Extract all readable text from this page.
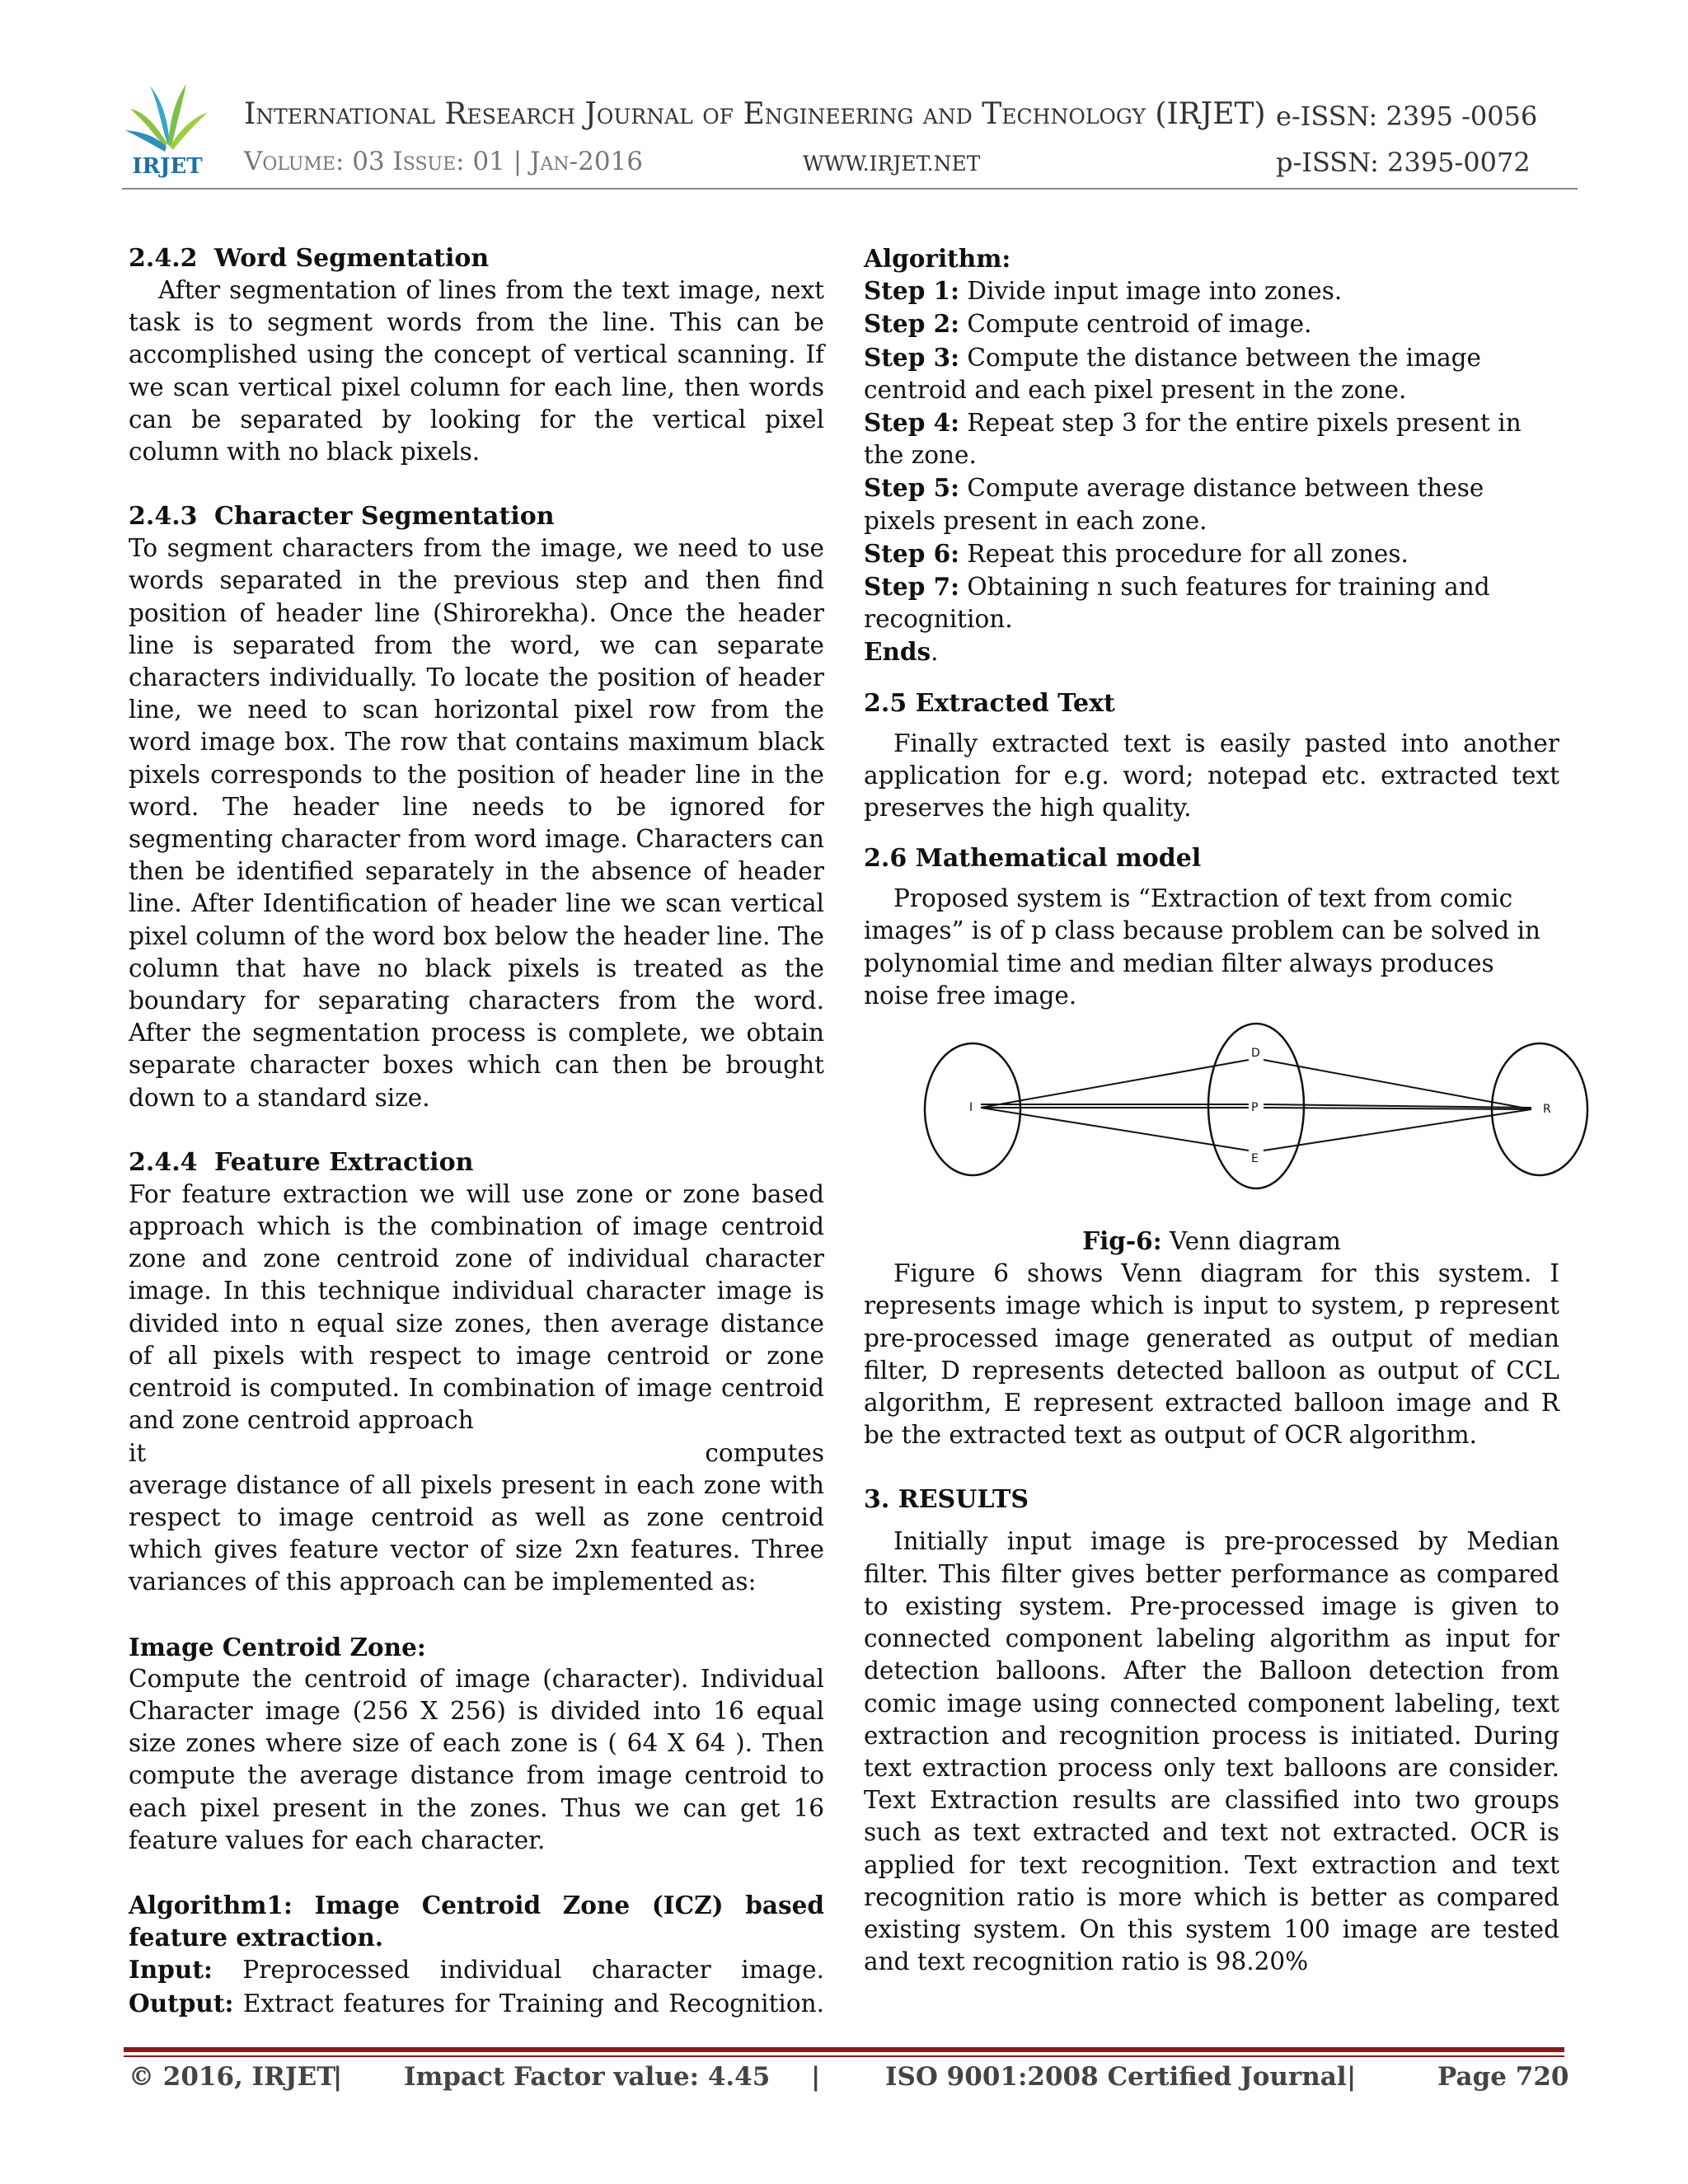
IRJET
International Research Journal of Engineering and Technology (IRJET) e-ISSN: 2395 -0056
Volume: 03 Issue: 01 | Jan-2016	WWW.IRJET.NET	p-ISSN: 2395-0072
2.4.2 Word Segmentation

After segmentation of lines from the text image, next task is to segment words from the line. This can be accomplished using the concept of vertical scanning. If we scan vertical pixel column for each line, then words can be separated by looking for the vertical pixel column with no black pixels.

2.4.3 Character Segmentation

To segment characters from the image, we need to use words separated in the previous step and then find position of header line (Shirorekha). Once the header line is separated from the word, we can separate characters individually. To locate the position of header line, we need to scan horizontal pixel row from the word image box. The row that contains maximum black pixels corresponds to the position of header line in the word. The header line needs to be ignored for segmenting character from word image. Characters can then be identified separately in the absence of header

line. After Identification of header line we scan vertical pixel column of the word box below the header line. The column that have no black pixels is treated as the boundary for separating characters from the word. After the segmentation process is complete, we obtain separate character boxes which can then be brought down to a standard size.

2.4.4 Feature Extraction

For feature extraction we will use zone or zone based approach which is the combination of image centroid zone and zone centroid zone of individual character image. In this technique individual character image is divided into n equal size zones, then average distance of all pixels with respect to image centroid or zone centroid is computed. In combination of image centroid and zone centroid approach

it	computes

average distance of all pixels present in each zone with respect to image centroid as well as zone centroid which gives feature vector of size 2xn features. Three variances of this approach can be implemented as:

Image Centroid Zone:

Compute the centroid of image (character). Individual Character image (256 X 256) is divided into 16 equal size zones where size of each zone is ( 64 X 64 ). Then compute the average distance from image centroid to each pixel present in the zones. Thus we can get 16 feature values for each character.

Algorithm1: Image Centroid Zone (ICZ) based feature extraction.

Input: Preprocessed individual character image.

Output: Extract features for Training and Recognition.

Algorithm:

Step 1: Divide input image into zones.

Step 2: Compute centroid of image.

Step 3: Compute the distance between the image centroid and each pixel present in the zone.

Step 4: Repeat step 3 for the entire pixels present in the zone.

Step 5: Compute average distance between these pixels present in each zone.

Step 6: Repeat this procedure for all zones.

Step 7: Obtaining n such features for training and recognition.

Ends.

2.5 Extracted Text

Finally extracted text is easily pasted into another application for e.g. word; notepad etc. extracted text preserves the high quality.

2.6 Mathematical model

Proposed system is “Extraction of text from comic images” is of p class because problem can be solved in polynomial time and median filter always produces noise free image.

I
D
P
E
R

Fig-6: Venn diagram

Figure 6 shows Venn diagram for this system. I represents image which is input to system, p represent pre-processed image generated as output of median filter, D represents detected balloon as output of CCL algorithm, E represent extracted balloon image and R be the extracted text as output of OCR algorithm.

3. RESULTS

Initially input image is pre-processed by Median filter. This filter gives better performance as compared to existing system. Pre-processed image is given to connected component labeling algorithm as input for detection balloons. After the Balloon detection from comic image using connected component labeling, text extraction and recognition process is initiated. During text extraction process only text balloons are consider. Text Extraction results are classified into two groups such as text extracted and text not extracted. OCR is applied for text recognition. Text extraction and text recognition ratio is more which is better as compared existing system. On this system 100 image are tested and text recognition ratio is 98.20%

© 2016, IRJET
| Impact Factor value: 4.45 |	ISO 9001:2008 Certified Journal |	Page 720
